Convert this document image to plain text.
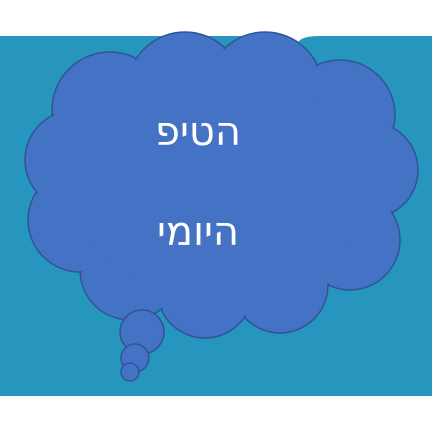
הטיפ
היומי
